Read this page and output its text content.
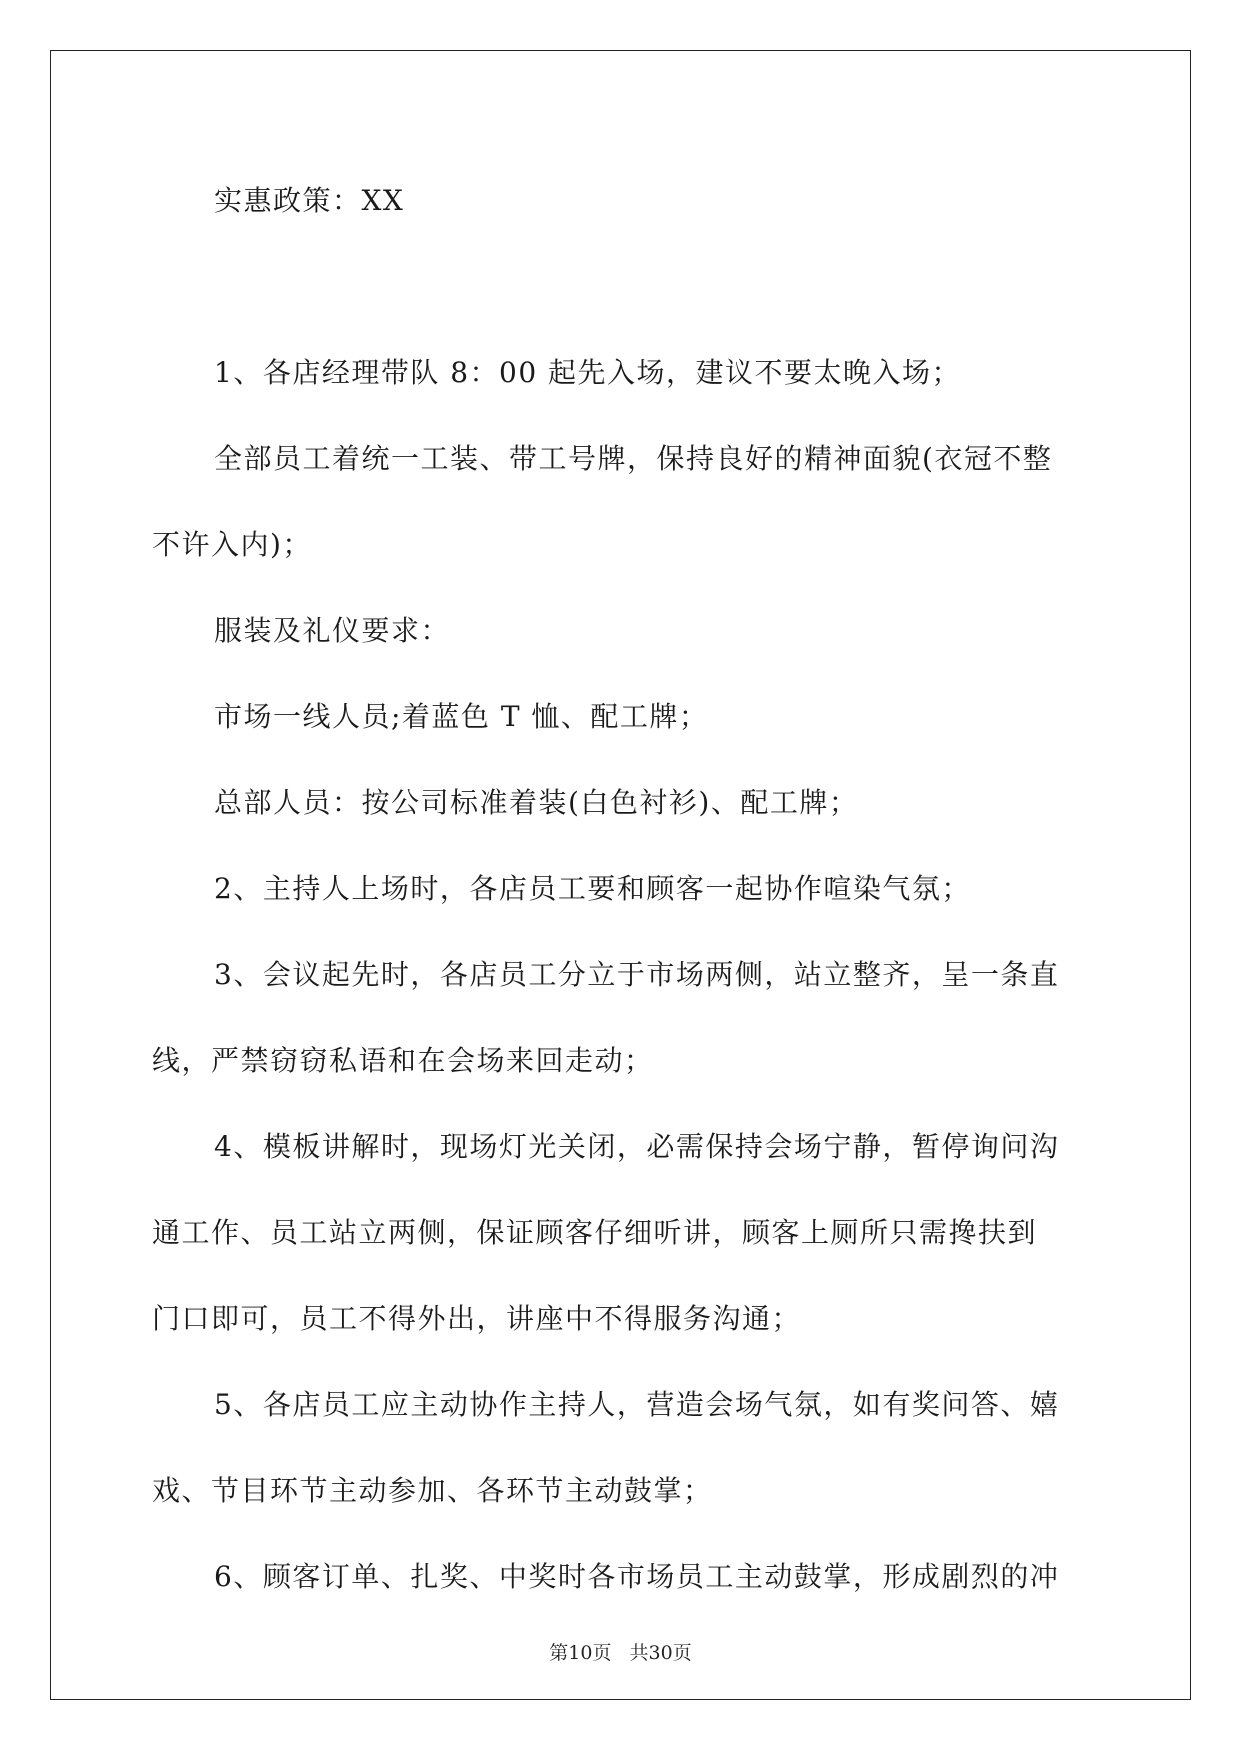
实惠政策：XX
1、各店经理带队 8：00 起先入场，建议不要太晚入场；
全部员工着统一工装、带工号牌，保持良好的精神面貌(衣冠不整
不许入内)；
服装及礼仪要求：
市场一线人员;着蓝色 T 恤、配工牌；
总部人员：按公司标准着装(白色衬衫)、配工牌；
2、主持人上场时，各店员工要和顾客一起协作喧染气氛；
3、会议起先时，各店员工分立于市场两侧，站立整齐，呈一条直
线，严禁窃窃私语和在会场来回走动；
4、模板讲解时，现场灯光关闭，必需保持会场宁静，暂停询问沟
通工作、员工站立两侧，保证顾客仔细听讲，顾客上厕所只需搀扶到
门口即可，员工不得外出，讲座中不得服务沟通；
5、各店员工应主动协作主持人，营造会场气氛，如有奖问答、嬉
戏、节目环节主动参加、各环节主动鼓掌；
6、顾客订单、扎奖、中奖时各市场员工主动鼓掌，形成剧烈的冲
第10页 共30页
